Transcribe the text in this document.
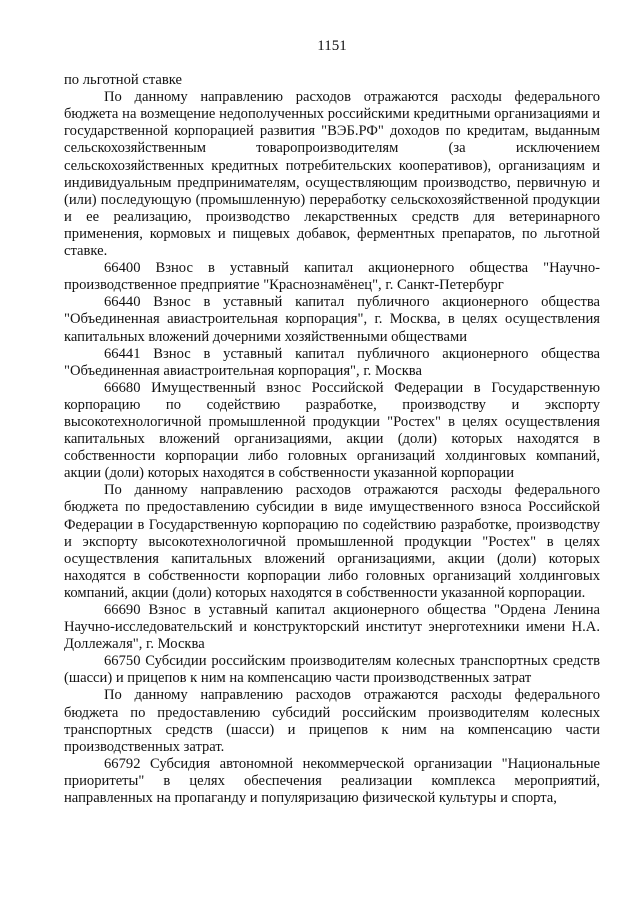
1151

по льготной ставке

По данному направлению расходов отражаются расходы федерального бюджета на возмещение недополученных российскими кредитными организациями и государственной корпорацией развития "ВЭБ.РФ" доходов по кредитам, выданным сельскохозяйственным товаропроизводителям (за исключением сельскохозяйственных кредитных потребительских кооперативов), организациям и индивидуальным предпринимателям, осуществляющим производство, первичную и (или) последующую (промышленную) переработку сельскохозяйственной продукции и ее реализацию, производство лекарственных средств для ветеринарного применения, кормовых и пищевых добавок, ферментных препаратов, по льготной ставке.

66400 Взнос в уставный капитал акционерного общества "Научно-производственное предприятие "Краснознамёнец", г. Санкт-Петербург

66440 Взнос в уставный капитал публичного акционерного общества "Объединенная авиастроительная корпорация", г. Москва, в целях осуществления капитальных вложений дочерними хозяйственными обществами

66441 Взнос в уставный капитал публичного акционерного общества "Объединенная авиастроительная корпорация", г. Москва

66680 Имущественный взнос Российской Федерации в Государственную корпорацию по содействию разработке, производству и экспорту высокотехнологичной промышленной продукции "Ростех" в целях осуществления капитальных вложений организациями, акции (доли) которых находятся в собственности корпорации либо головных организаций холдинговых компаний, акции (доли) которых находятся в собственности указанной корпорации

По данному направлению расходов отражаются расходы федерального бюджета по предоставлению субсидии в виде имущественного взноса Российской Федерации в Государственную корпорацию по содействию разработке, производству и экспорту высокотехнологичной промышленной продукции "Ростех" в целях осуществления капитальных вложений организациями, акции (доли) которых находятся в собственности корпорации либо головных организаций холдинговых компаний, акции (доли) которых находятся в собственности указанной корпорации.

66690 Взнос в уставный капитал акционерного общества "Ордена Ленина Научно-исследовательский и конструкторский институт энерготехники имени Н.А. Доллежаля", г. Москва

66750 Субсидии российским производителям колесных транспортных средств (шасси) и прицепов к ним на компенсацию части производственных затрат

По данному направлению расходов отражаются расходы федерального бюджета по предоставлению субсидий российским производителям колесных транспортных средств (шасси) и прицепов к ним на компенсацию части производственных затрат.

66792 Субсидия автономной некоммерческой организации "Национальные приоритеты" в целях обеспечения реализации комплекса мероприятий, направленных на пропаганду и популяризацию физической культуры и спорта,
